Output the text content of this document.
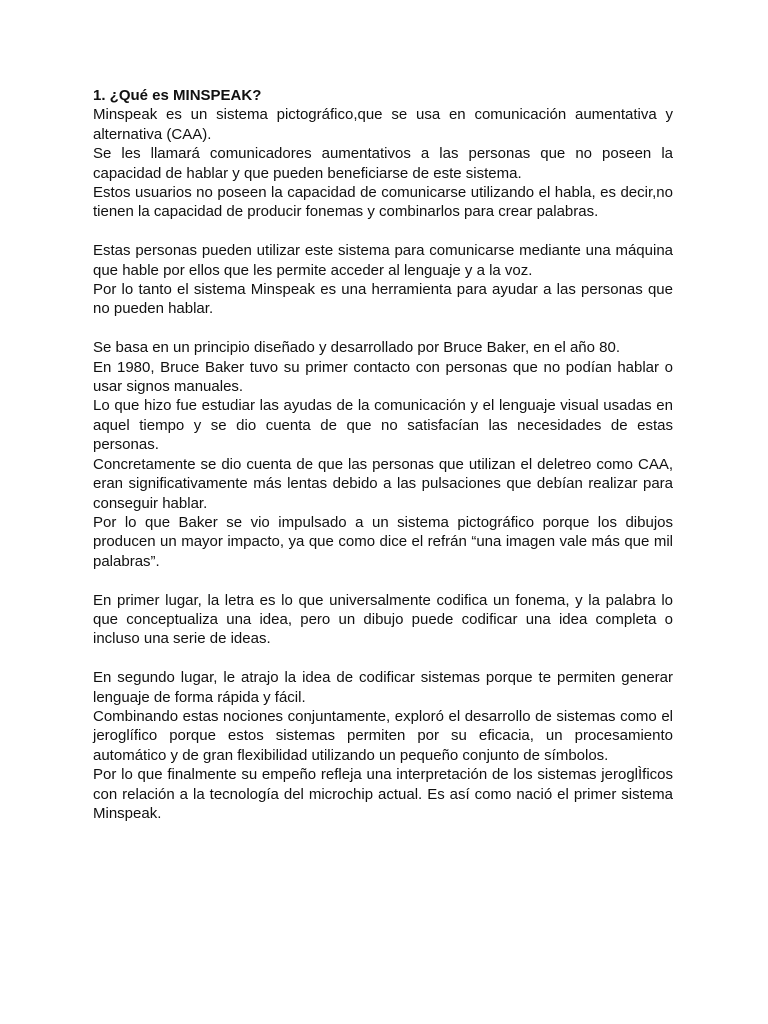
1. ¿Qué es MINSPEAK?

Minspeak es un sistema pictográfico,que se usa en comunicación aumentativa y alternativa (CAA).

Se les llamará comunicadores aumentativos a las personas que no poseen la capacidad de hablar y que pueden beneficiarse de este sistema.

Estos usuarios no poseen la capacidad de comunicarse utilizando el habla, es decir,no tienen la capacidad de producir fonemas y combinarlos para crear palabras.

Estas personas pueden utilizar este sistema para comunicarse mediante una máquina que hable por ellos que les permite acceder al lenguaje y a la voz.

Por lo tanto el sistema Minspeak es una herramienta para ayudar a las personas que no pueden hablar.

Se basa en un principio diseñado y desarrollado por Bruce Baker, en el año 80.

En 1980, Bruce Baker tuvo su primer contacto con personas que no podían hablar o usar signos manuales.

Lo que hizo fue estudiar las ayudas de la comunicación y el lenguaje visual usadas en aquel tiempo y se dio cuenta de que no satisfacían las necesidades de estas personas.

Concretamente se dio cuenta de que las personas que utilizan el deletreo como CAA, eran significativamente más lentas debido a las pulsaciones que debían realizar para conseguir hablar.

Por lo que Baker se vio impulsado a un sistema pictográfico porque los dibujos producen un mayor impacto, ya que como dice el refrán “una imagen vale más que mil palabras”.

En primer lugar, la letra es lo que universalmente codifica un fonema, y la palabra lo que conceptualiza una idea, pero un dibujo puede codificar una idea completa o incluso una serie de ideas.

En segundo lugar, le atrajo la idea de codificar sistemas porque te permiten generar lenguaje de forma rápida y fácil.

Combinando estas nociones conjuntamente, exploró el desarrollo de sistemas como el jeroglífico porque estos sistemas permiten por su eficacia, un procesamiento automático y de gran flexibilidad utilizando un pequeño conjunto de símbolos.

Por lo que finalmente su empeño refleja una interpretación de los sistemas jeroglÌficos con relación a la tecnología del microchip actual. Es así como nació el primer sistema Minspeak.
